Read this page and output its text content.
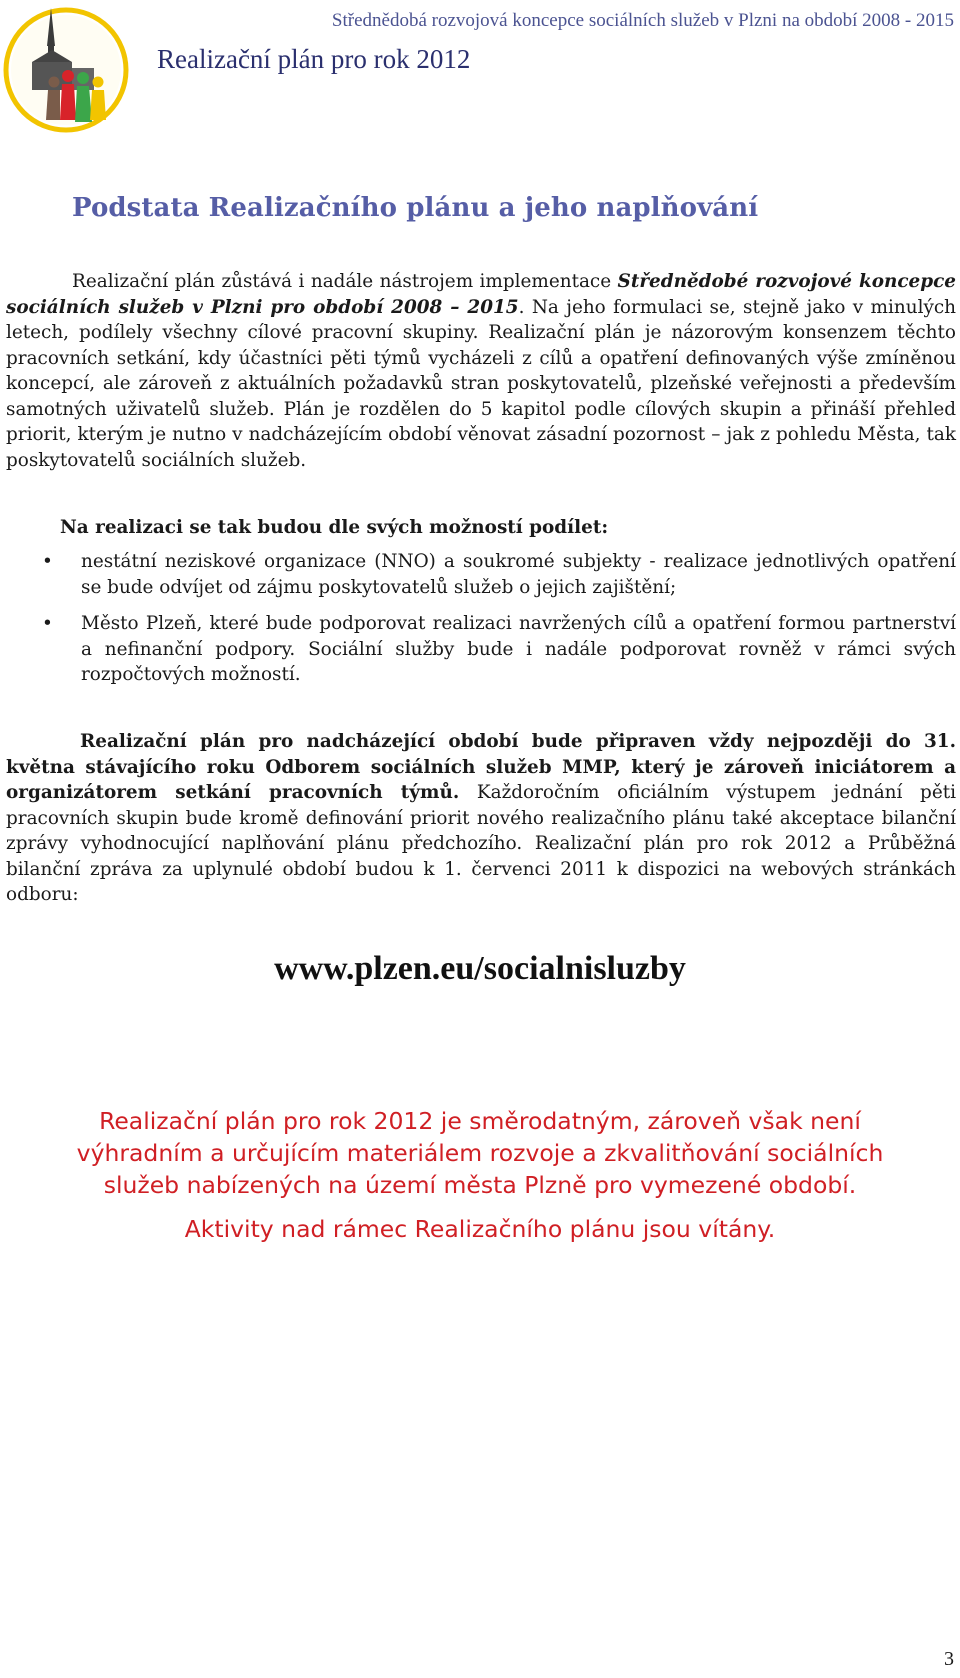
Střednědobá rozvojová koncepce sociálních služeb v Plzni na období 2008 - 2015
Realizační plán pro rok 2012
Podstata Realizačního plánu a jeho naplňování

Realizační plán zůstává i nadále nástrojem implementace Střednědobé rozvojové koncepce sociálních služeb v Plzni pro období 2008 – 2015. Na jeho formulaci se, stejně jako v minulých letech, podílely všechny cílové pracovní skupiny. Realizační plán je názorovým konsenzem těchto pracovních setkání, kdy účastníci pěti týmů vycházeli z cílů a opatření definovaných výše zmíněnou koncepcí, ale zároveň z aktuálních požadavků stran poskytovatelů, plzeňské veřejnosti a především samotných uživatelů služeb. Plán je rozdělen do 5 kapitol podle cílových skupin a přináší přehled priorit, kterým je nutno v nadcházejícím období věnovat zásadní pozornost – jak z pohledu Města, tak poskytovatelů sociálních služeb.

Na realizaci se tak budou dle svých možností podílet:
• nestátní neziskové organizace (NNO) a soukromé subjekty - realizace jednotlivých opatření se bude odvíjet od zájmu poskytovatelů služeb o jejich zajištění;
• Město Plzeň, které bude podporovat realizaci navržených cílů a opatření formou partnerství a nefinanční podpory. Sociální služby bude i nadále podporovat rovněž v rámci svých rozpočtových možností.

Realizační plán pro nadcházející období bude připraven vždy nejpozději do 31. května stávajícího roku Odborem sociálních služeb MMP, který je zároveň iniciátorem a organizátorem setkání pracovních týmů. Každoročním oficiálním výstupem jednání pěti pracovních skupin bude kromě definování priorit nového realizačního plánu také akceptace bilanční zprávy vyhodnocující naplňování plánu předchozího. Realizační plán pro rok 2012 a Průběžná bilanční zpráva za uplynulé období budou k 1. červenci 2011 k dispozici na webových stránkách odboru:

www.plzen.eu/socialnisluzby
Realizační plán pro rok 2012 je směrodatným, zároveň však není výhradním a určujícím materiálem rozvoje a zkvalitňování sociálních služeb nabízených na území města Plzně pro vymezené období.
Aktivity nad rámec Realizačního plánu jsou vítány.
3
